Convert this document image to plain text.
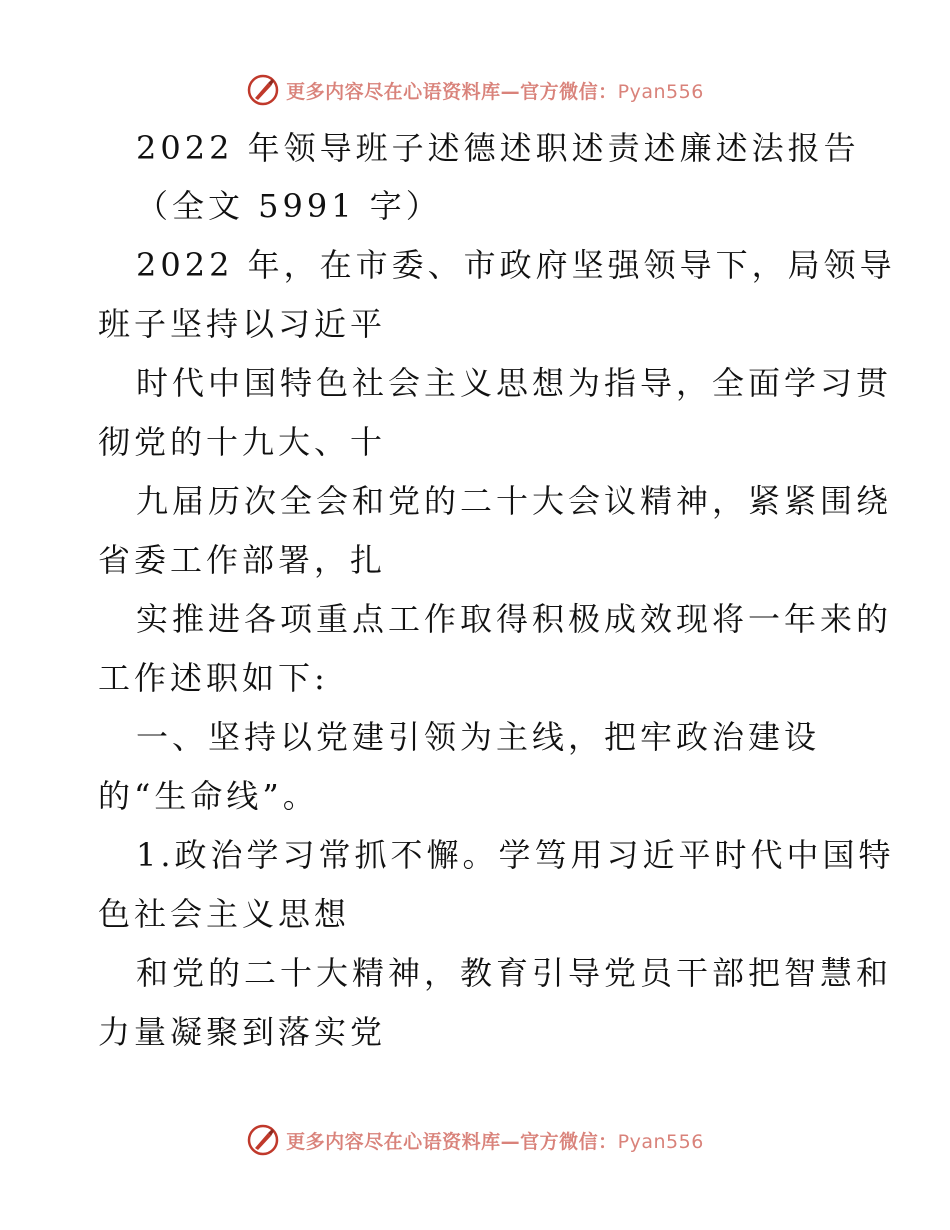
更多内容尽在心语资料库—官方微信：Pyan556
2022 年领导班子述德述职述责述廉述法报告
（全文 5991 字）
2022 年，在市委、市政府坚强领导下，局领导
班子坚持以习近平
时代中国特色社会主义思想为指导，全面学习贯
彻党的十九大、十
九届历次全会和党的二十大会议精神，紧紧围绕
省委工作部署，扎
实推进各项重点工作取得积极成效现将一年来的
工作述职如下:
一、坚持以党建引领为主线，把牢政治建设
的“生命线”。
1.政治学习常抓不懈。学笃用习近平时代中国特
色社会主义思想
和党的二十大精神，教育引导党员干部把智慧和
力量凝聚到落实党
更多内容尽在心语资料库—官方微信：Pyan556
